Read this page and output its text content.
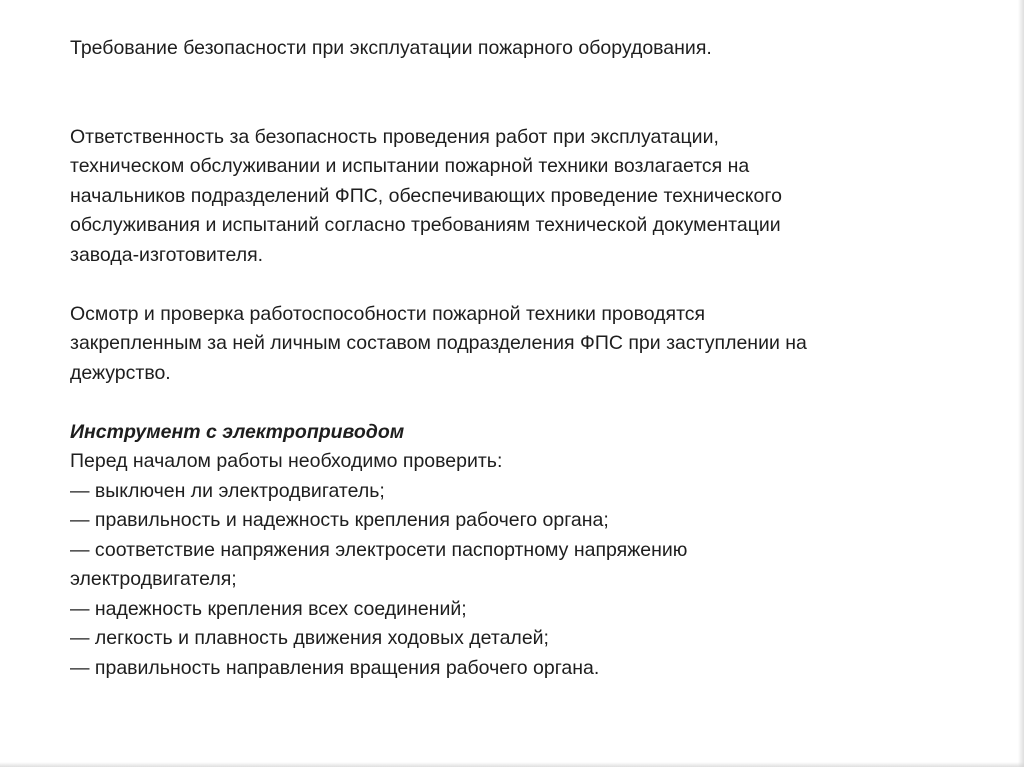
Требование безопасности при эксплуатации пожарного оборудования.

Ответственность за безопасность проведения работ при эксплуатации,
техническом обслуживании и испытании пожарной техники возлагается на
начальников подразделений ФПС, обеспечивающих проведение технического
обслуживания и испытаний согласно требованиям технической документации
завода-изготовителя.

Осмотр и проверка работоспособности пожарной техники проводятся
закрепленным за ней личным составом подразделения ФПС при заступлении на
дежурство.

Инструмент с электроприводом

Перед началом работы необходимо проверить:

— выключен ли электродвигатель;
— правильность и надежность крепления рабочего органа;
— соответствие напряжения электросети паспортному напряжению
электродвигателя;
— надежность крепления всех соединений;
— легкость и плавность движения ходовых деталей;
— правильность направления вращения рабочего органа.
